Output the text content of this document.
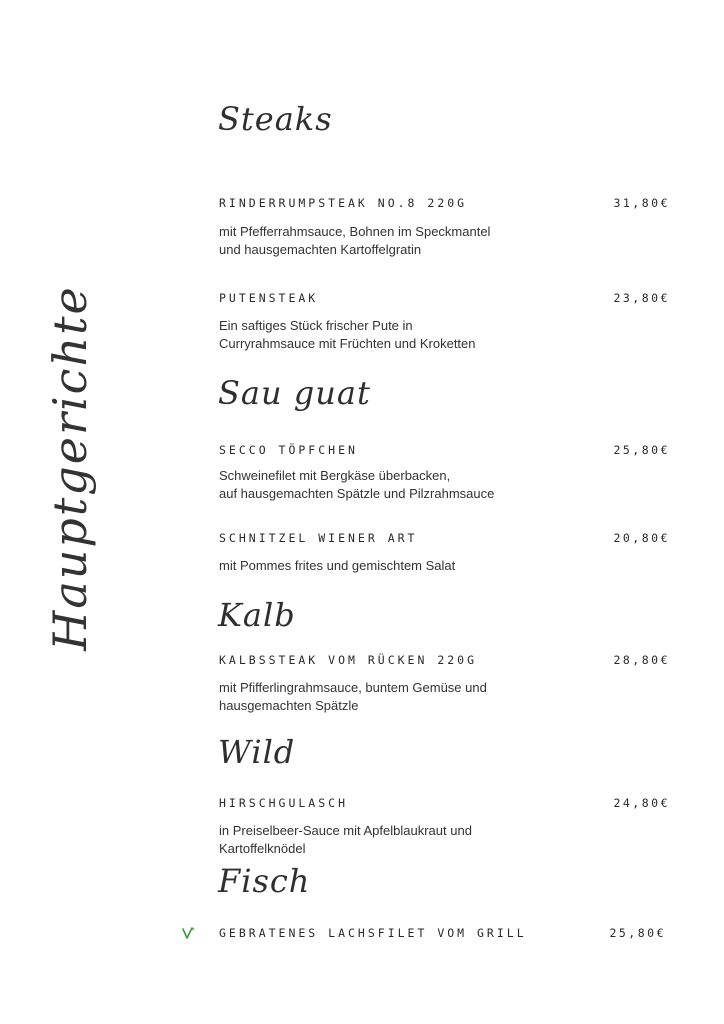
Hauptgerichte
Steaks
RINDERRUMPSTEAK NO.8 220G	31,80€
mit Pfefferrahmsauce, Bohnen im Speckmantel
und hausgemachten Kartoffelgratin
PUTENSTEAK	23,80€
Ein saftiges Stück frischer Pute in
Curryrahmsauce mit Früchten und Kroketten
Sau guat
SECCO TÖPFCHEN	25,80€
Schweinefilet mit Bergkäse überbacken,
auf hausgemachten Spätzle und Pilzrahmsauce
SCHNITZEL WIENER ART	20,80€
mit Pommes frites und gemischtem Salat
Kalb
KALBSSTEAK VOM RÜCKEN 220G	28,80€
mit Pfifferlingrahmsauce, buntem Gemüse und
hausgemachten Spätzle
Wild
HIRSCHGULASCH	24,80€
in Preiselbeer-Sauce mit Apfelblaukraut und
Kartoffelknödel
Fisch
GEBRATENES LACHSFILET VOM GRILL	25,80€
